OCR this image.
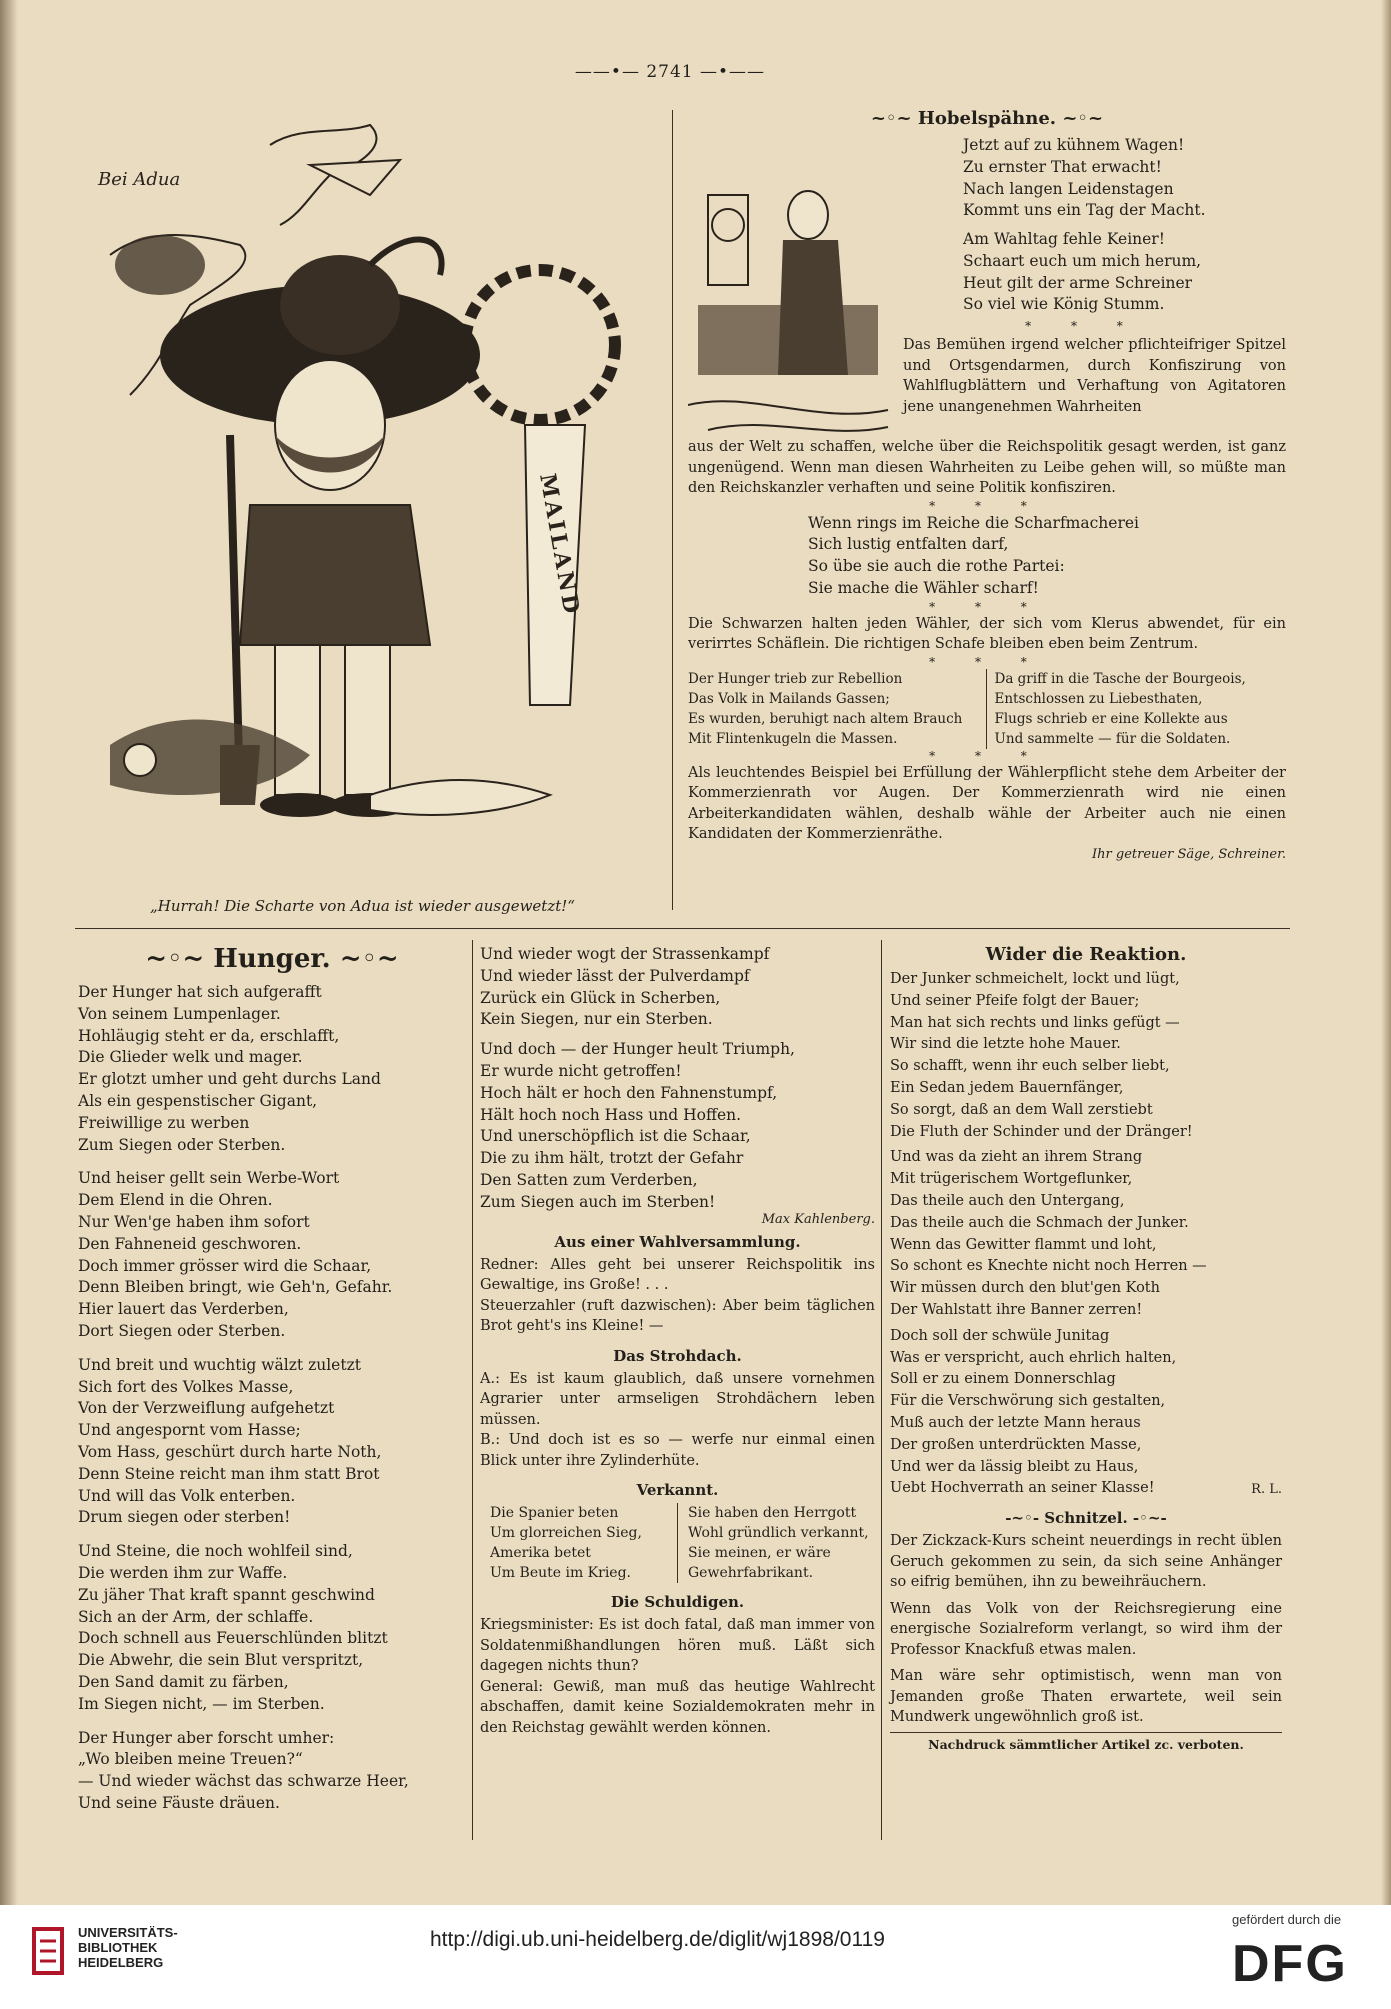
——•— 2741 —•——
Bei Adua
MAILAND
„Hurrah! Die Scharte von Adua ist wieder ausgewetzt!“
~◦~ Hobelspähne. ~◦~
Jetzt auf zu kühnem Wagen!
Zu ernster That erwacht!
Nach langen Leidenstagen
Kommt uns ein Tag der Macht.
Am Wahltag fehle Keiner!
Schaart euch um mich herum,
Heut gilt der arme Schreiner
So viel wie König Stumm.
* * *
Das Bemühen irgend welcher pflichteifriger Spitzel und Ortsgendarmen, durch Konfiszirung von Wahlflugblättern und Verhaftung von Agitatoren jene unangenehmen Wahrheiten
aus der Welt zu schaffen, welche über die Reichspolitik gesagt werden, ist ganz ungenügend. Wenn man diesen Wahrheiten zu Leibe gehen will, so müßte man den Reichskanzler verhaften und seine Politik konfisziren.
* * *
Wenn rings im Reiche die Scharfmacherei
Sich lustig entfalten darf,
So übe sie auch die rothe Partei:
Sie mache die Wähler scharf!
* * *
Die Schwarzen halten jeden Wähler, der sich vom Klerus abwendet, für ein verirrtes Schäflein. Die richtigen Schafe bleiben eben beim Zentrum.
* * *
Der Hunger trieb zur Rebellion
Das Volk in Mailands Gassen;
Es wurden, beruhigt nach altem Brauch
Mit Flintenkugeln die Massen.
Da griff in die Tasche der Bourgeois,
Entschlossen zu Liebesthaten,
Flugs schrieb er eine Kollekte aus
Und sammelte — für die Soldaten.
* * *
Als leuchtendes Beispiel bei Erfüllung der Wählerpflicht stehe dem Arbeiter der Kommerzienrath vor Augen. Der Kommerzienrath wird nie einen Arbeiterkandidaten wählen, deshalb wähle der Arbeiter auch nie einen Kandidaten der Kommerzienräthe.
Ihr getreuer Säge, Schreiner.
~◦~ Hunger. ~◦~
Der Hunger hat sich aufgerafft
Von seinem Lumpenlager.
Hohläugig steht er da, erschlafft,
Die Glieder welk und mager.
Er glotzt umher und geht durchs Land
Als ein gespenstischer Gigant,
Freiwillige zu werben
Zum Siegen oder Sterben.
Und heiser gellt sein Werbe-Wort
Dem Elend in die Ohren.
Nur Wen'ge haben ihm sofort
Den Fahneneid geschworen.
Doch immer grösser wird die Schaar,
Denn Bleiben bringt, wie Geh'n, Gefahr.
Hier lauert das Verderben,
Dort Siegen oder Sterben.
Und breit und wuchtig wälzt zuletzt
Sich fort des Volkes Masse,
Von der Verzweiflung aufgehetzt
Und angespornt vom Hasse;
Vom Hass, geschürt durch harte Noth,
Denn Steine reicht man ihm statt Brot
Und will das Volk enterben.
Drum siegen oder sterben!
Und Steine, die noch wohlfeil sind,
Die werden ihm zur Waffe.
Zu jäher That kraft spannt geschwind
Sich an der Arm, der schlaffe.
Doch schnell aus Feuerschlünden blitzt
Die Abwehr, die sein Blut verspritzt,
Den Sand damit zu färben,
Im Siegen nicht, — im Sterben.
Der Hunger aber forscht umher:
„Wo bleiben meine Treuen?“
— Und wieder wächst das schwarze Heer,
Und seine Fäuste dräuen.
Und wieder wogt der Strassenkampf
Und wieder lässt der Pulverdampf
Zurück ein Glück in Scherben,
Kein Siegen, nur ein Sterben.
Und doch — der Hunger heult Triumph,
Er wurde nicht getroffen!
Hoch hält er hoch den Fahnenstumpf,
Hält hoch noch Hass und Hoffen.
Und unerschöpflich ist die Schaar,
Die zu ihm hält, trotzt der Gefahr
Den Satten zum Verderben,
Zum Siegen auch im Sterben!
Max Kahlenberg.
Aus einer Wahlversammlung.
Redner: Alles geht bei unserer Reichspolitik ins Gewaltige, ins Große! . . .
Steuerzahler (ruft dazwischen): Aber beim täglichen Brot geht's ins Kleine! —
Das Strohdach.
A.: Es ist kaum glaublich, daß unsere vornehmen Agrarier unter armseligen Strohdächern leben müssen.
B.: Und doch ist es so — werfe nur einmal einen Blick unter ihre Zylinderhüte.
Verkannt.
Die Spanier beten
Um glorreichen Sieg,
Amerika betet
Um Beute im Krieg.
Sie haben den Herrgott
Wohl gründlich verkannt,
Sie meinen, er wäre
Gewehrfabrikant.
Die Schuldigen.
Kriegsminister: Es ist doch fatal, daß man immer von Soldatenmißhandlungen hören muß. Läßt sich dagegen nichts thun?
General: Gewiß, man muß das heutige Wahlrecht abschaffen, damit keine Sozialdemokraten mehr in den Reichstag gewählt werden können.
Wider die Reaktion.
Der Junker schmeichelt, lockt und lügt,
Und seiner Pfeife folgt der Bauer;
Man hat sich rechts und links gefügt —
Wir sind die letzte hohe Mauer.
So schafft, wenn ihr euch selber liebt,
Ein Sedan jedem Bauernfänger,
So sorgt, daß an dem Wall zerstiebt
Die Fluth der Schinder und der Dränger!
Und was da zieht an ihrem Strang
Mit trügerischem Wortgeflunker,
Das theile auch den Untergang,
Das theile auch die Schmach der Junker.
Wenn das Gewitter flammt und loht,
So schont es Knechte nicht noch Herren —
Wir müssen durch den blut'gen Koth
Der Wahlstatt ihre Banner zerren!
Doch soll der schwüle Junitag
Was er verspricht, auch ehrlich halten,
Soll er zu einem Donnerschlag
Für die Verschwörung sich gestalten,
Muß auch der letzte Mann heraus
Der großen unterdrückten Masse,
Und wer da lässig bleibt zu Haus,
Uebt Hochverrath an seiner Klasse!	R. L.
-~◦- Schnitzel. -◦~-
Der Zickzack-Kurs scheint neuerdings in recht üblen Geruch gekommen zu sein, da sich seine Anhänger so eifrig bemühen, ihn zu beweihräuchern.
Wenn das Volk von der Reichsregierung eine energische Sozialreform verlangt, so wird ihm der Professor Knackfuß etwas malen.
Man wäre sehr optimistisch, wenn man von Jemanden große Thaten erwartete, weil sein Mundwerk ungewöhnlich groß ist.
Nachdruck sämmtlicher Artikel zc. verboten.
UNIVERSITÄTS-
BIBLIOTHEK
HEIDELBERG
http://digi.ub.uni-heidelberg.de/diglit/wj1898/0119
gefördert durch die
DFG
